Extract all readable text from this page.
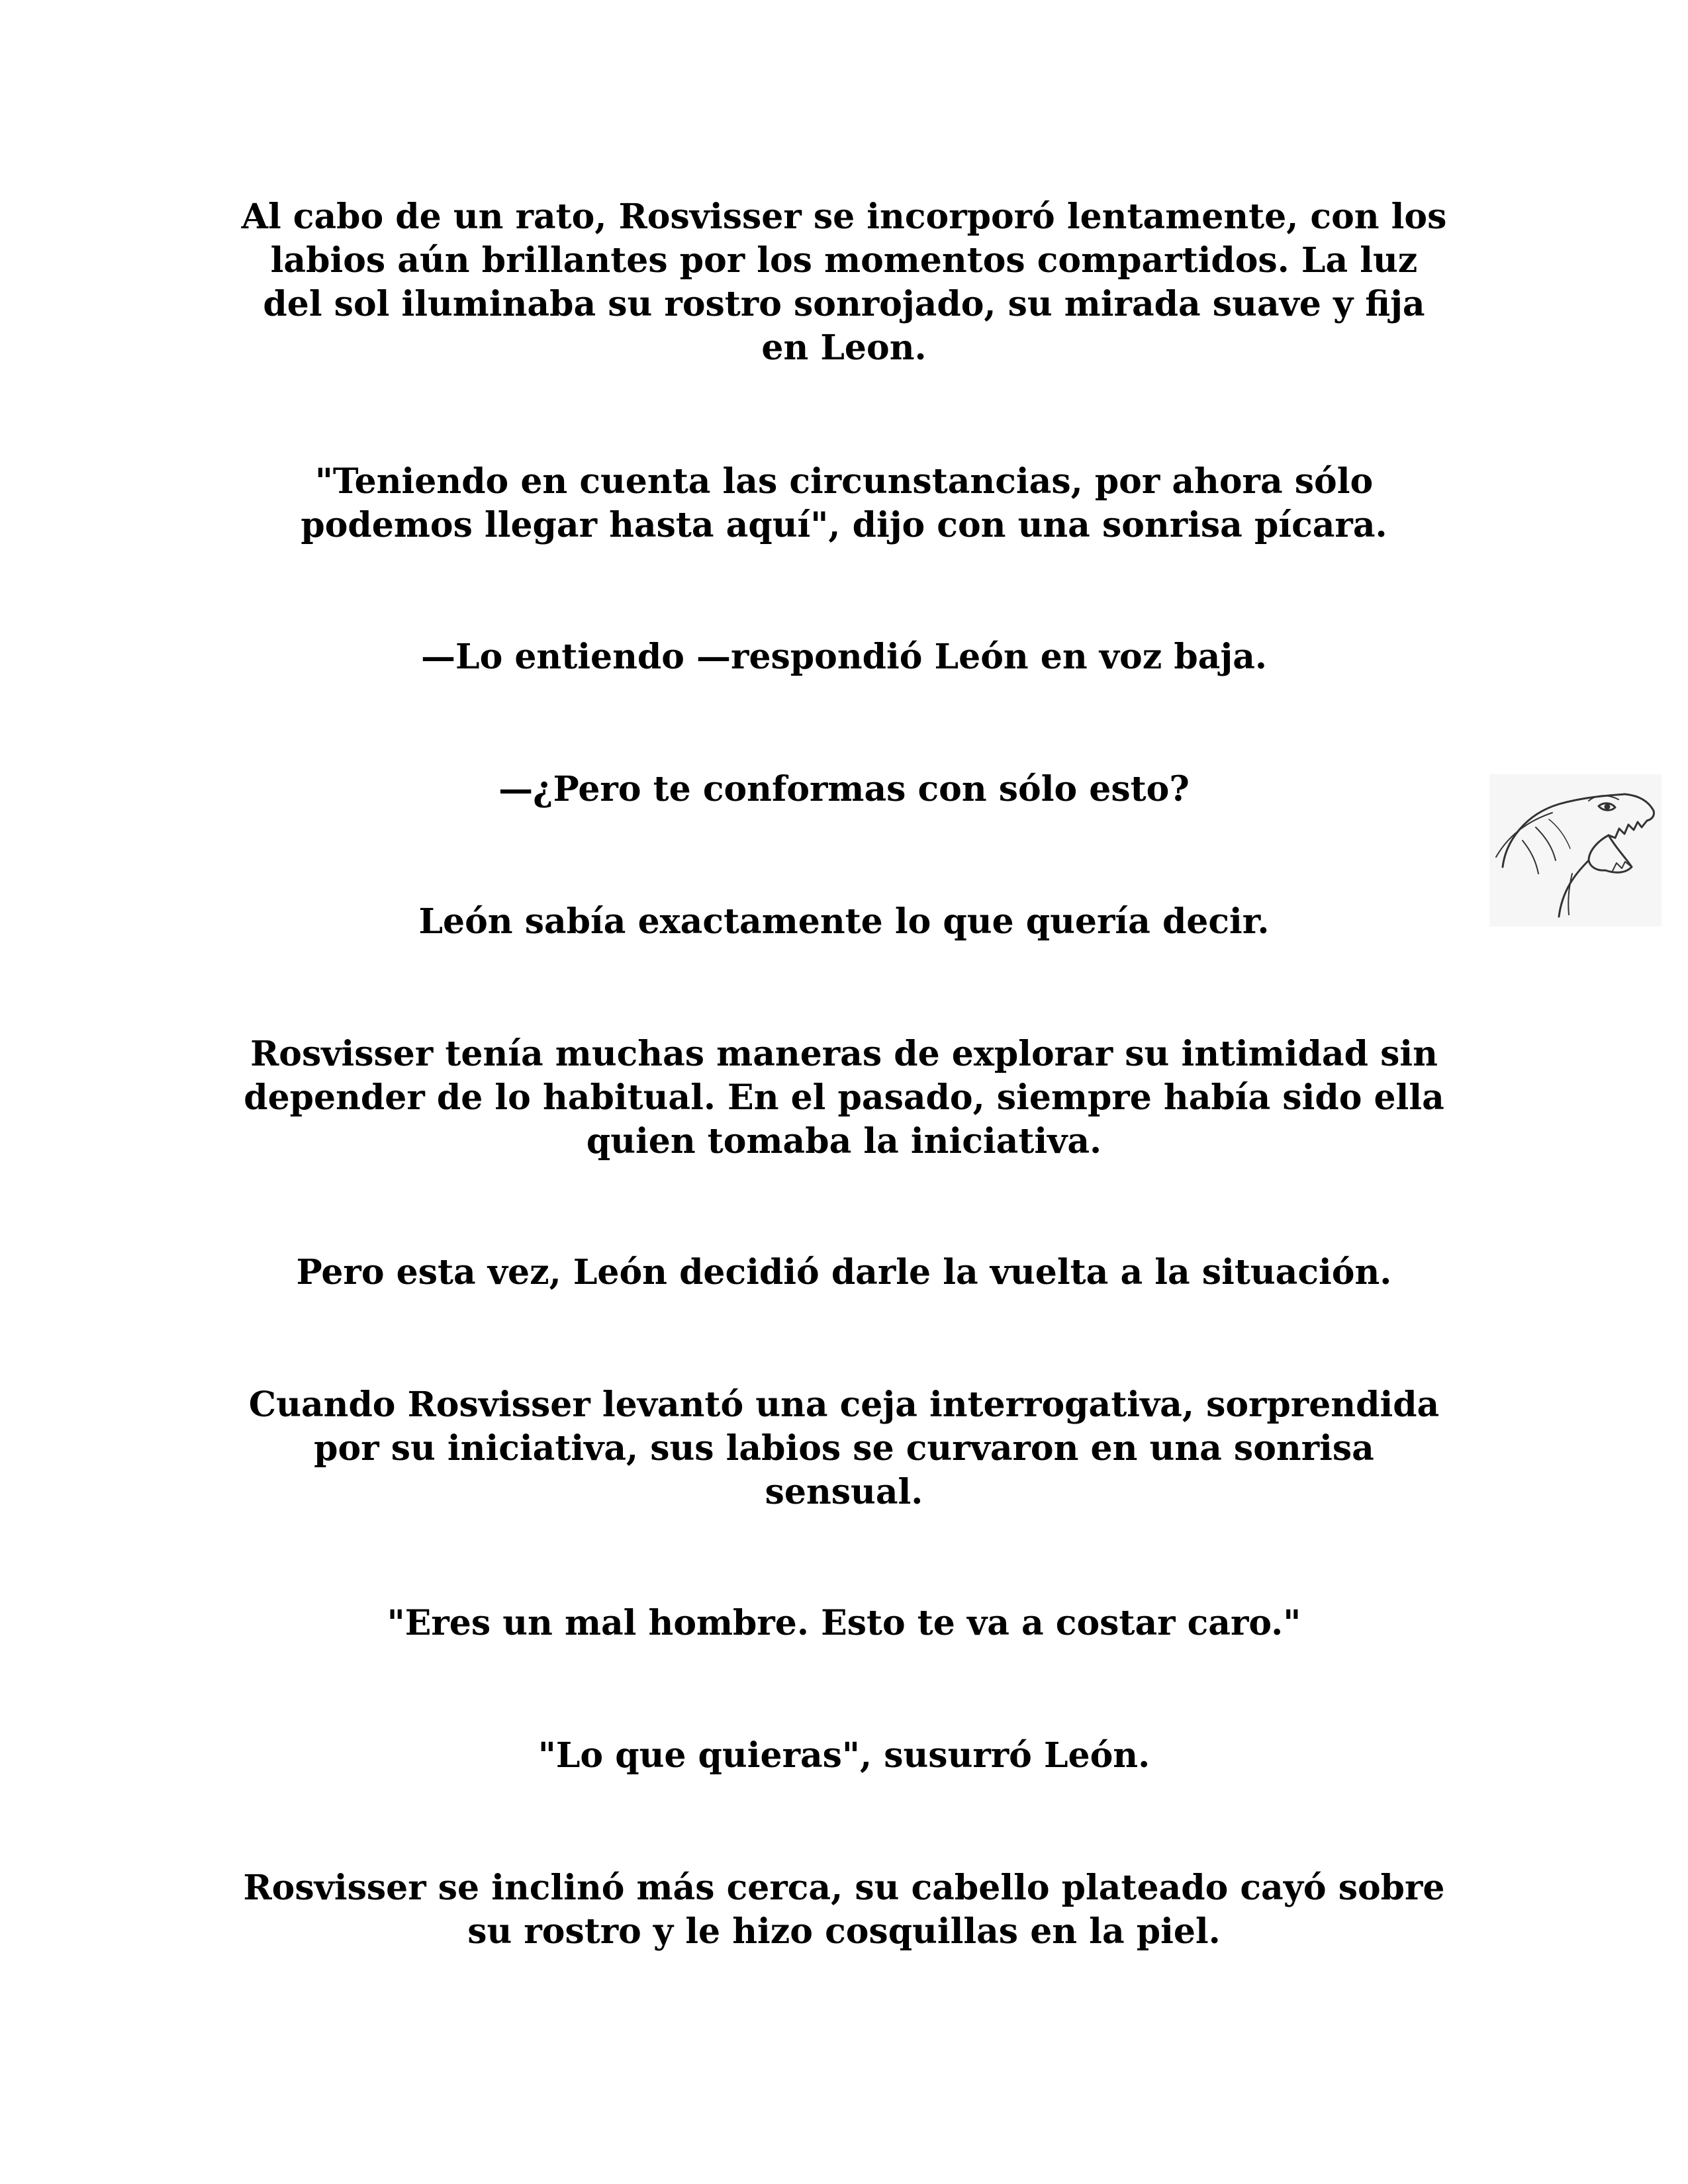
Al cabo de un rato, Rosvisser se incorporó lentamente, con los
labios aún brillantes por los momentos compartidos. La luz
del sol iluminaba su rostro sonrojado, su mirada suave y fija
en Leon.

"Teniendo en cuenta las circunstancias, por ahora sólo
podemos llegar hasta aquí", dijo con una sonrisa pícara.

—Lo entiendo —respondió León en voz baja.

—¿Pero te conformas con sólo esto?

León sabía exactamente lo que quería decir.

Rosvisser tenía muchas maneras de explorar su intimidad sin
depender de lo habitual. En el pasado, siempre había sido ella
quien tomaba la iniciativa.

Pero esta vez, León decidió darle la vuelta a la situación.

Cuando Rosvisser levantó una ceja interrogativa, sorprendida
por su iniciativa, sus labios se curvaron en una sonrisa
sensual.

"Eres un mal hombre. Esto te va a costar caro."

"Lo que quieras", susurró León.

Rosvisser se inclinó más cerca, su cabello plateado cayó sobre
su rostro y le hizo cosquillas en la piel.
